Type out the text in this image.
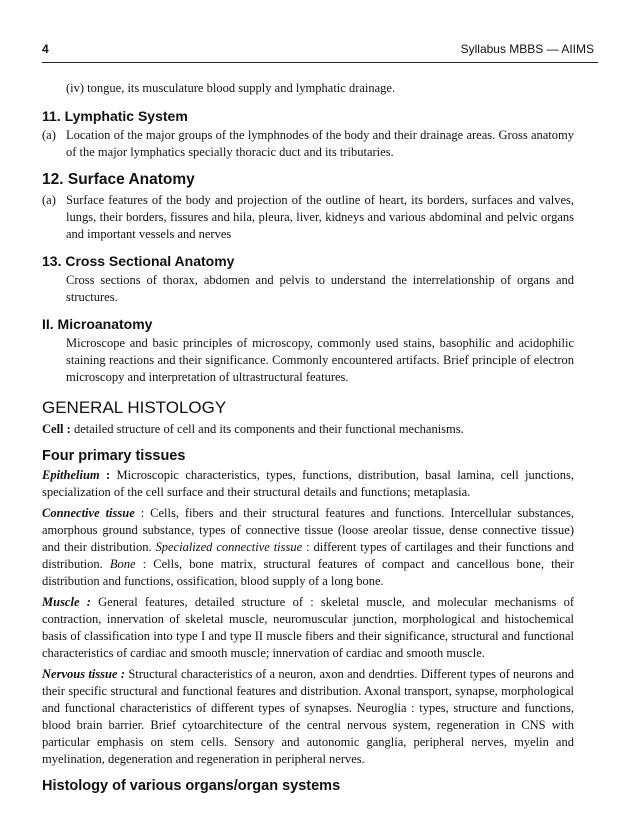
4	Syllabus MBBS — AIIMS
(iv) tongue, its musculature blood supply and lymphatic drainage.
11. Lymphatic System
(a) Location of the major groups of the lymphnodes of the body and their drainage areas. Gross anatomy of the major lymphatics specially thoracic duct and its tributaries.
12. Surface Anatomy
(a) Surface features of the body and projection of the outline of heart, its borders, surfaces and valves, lungs, their borders, fissures and hila, pleura, liver, kidneys and various abdominal and pelvic organs and important vessels and nerves
13. Cross Sectional Anatomy
Cross sections of thorax, abdomen and pelvis to understand the interrelationship of organs and structures.
II. Microanatomy
Microscope and basic principles of microscopy, commonly used stains, basophilic and acidophilic staining reactions and their significance. Commonly encountered artifacts. Brief principle of electron microscopy and interpretation of ultrastructural features.
GENERAL HISTOLOGY
Cell : detailed structure of cell and its components and their functional mechanisms.
Four primary tissues
Epithelium : Microscopic characteristics, types, functions, distribution, basal lamina, cell junctions, specialization of the cell surface and their structural details and functions; metaplasia.
Connective tissue : Cells, fibers and their structural features and functions. Intercellular substances, amorphous ground substance, types of connective tissue (loose areolar tissue, dense connective tissue) and their distribution. Specialized connective tissue : different types of cartilages and their functions and distribution. Bone : Cells, bone matrix, structural features of compact and cancellous bone, their distribution and functions, ossification, blood supply of a long bone.
Muscle : General features, detailed structure of : skeletal muscle, and molecular mechanisms of contraction, innervation of skeletal muscle, neuromuscular junction, morphological and histochemical basis of classification into type I and type II muscle fibers and their significance, structural and functional characteristics of cardiac and smooth muscle; innervation of cardiac and smooth muscle.
Nervous tissue : Structural characteristics of a neuron, axon and dendrties. Different types of neurons and their specific structural and functional features and distribution. Axonal transport, synapse, morphological and functional characteristics of different types of synapses. Neuroglia : types, structure and functions, blood brain barrier. Brief cytoarchitecture of the central nervous system, regeneration in CNS with particular emphasis on stem cells. Sensory and autonomic ganglia, peripheral nerves, myelin and myelination, degeneration and regeneration in peripheral nerves.
Histology of various organs/organ systems
